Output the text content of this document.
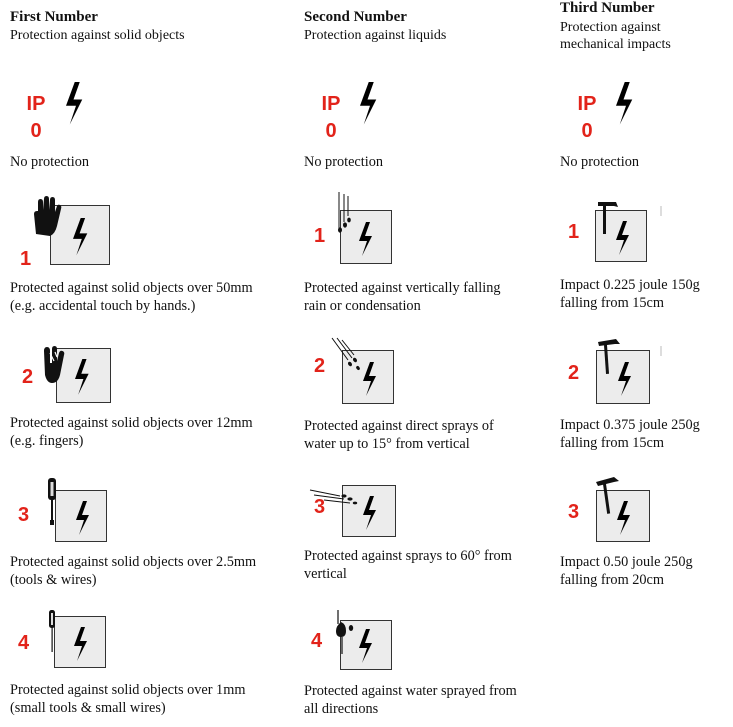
First Number
Protection against solid objects
IP
0
No protection
1
Protected against solid objects over 50mm
(e.g. accidental touch by hands.)
2
Protected against solid objects over 12mm
(e.g. fingers)
3
Protected against solid objects over 2.5mm
(tools & wires)
4
Protected against solid objects over 1mm
(small tools & small wires)
Second Number
Protection against liquids
IP
0
No protection
1
Protected against vertically falling
rain or condensation
2
Protected against direct sprays of
water up to 15° from vertical
3
Protected against sprays to 60° from
vertical
4
Protected against water sprayed from
all directions
Third Number
Protection against
mechanical impacts
IP
0
No protection
1
Impact 0.225 joule 150g
falling from 15cm
2
Impact 0.375 joule 250g
falling from 15cm
3
Impact 0.50 joule 250g
falling from 20cm
